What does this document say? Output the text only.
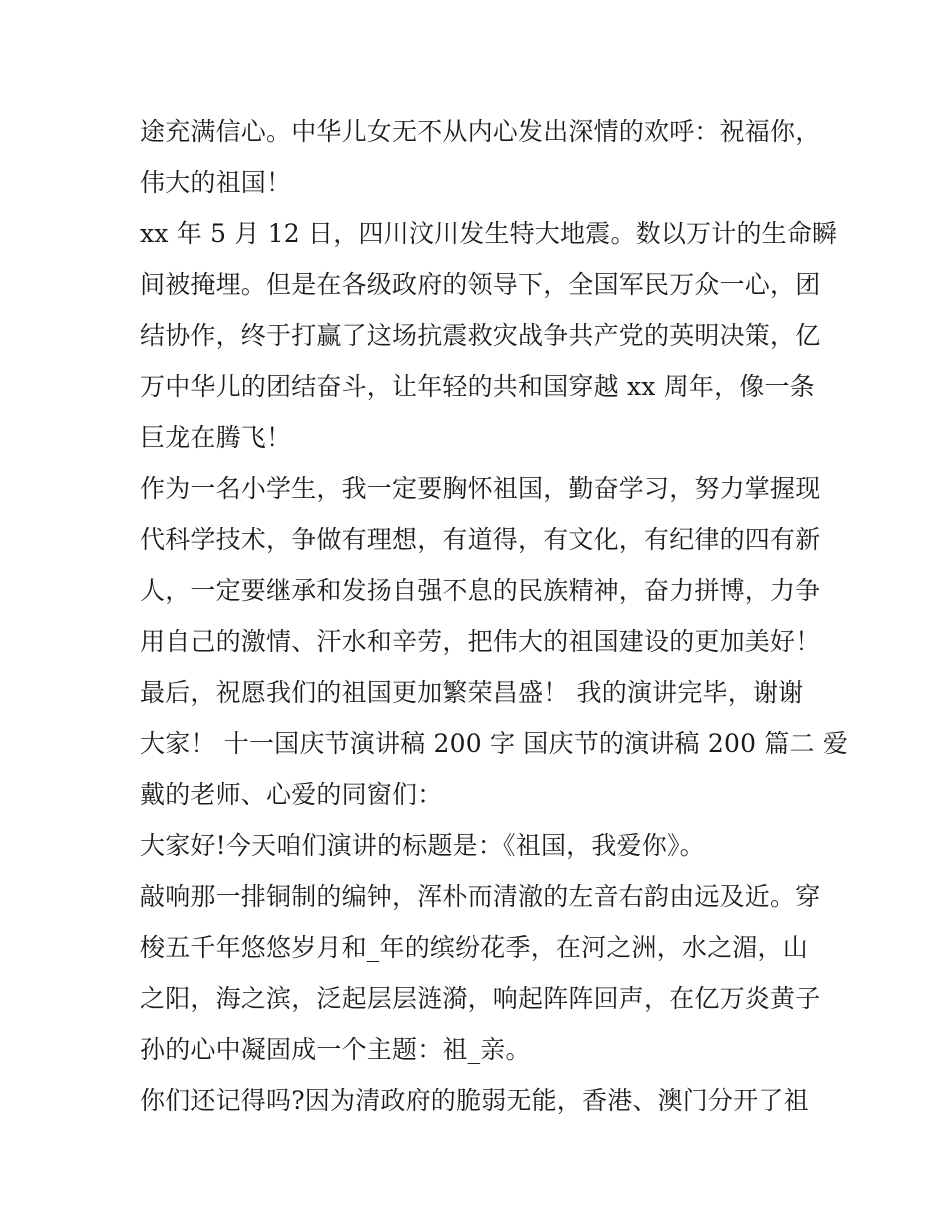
途充满信心。中华儿女无不从内心发出深情的欢呼：祝福你，
伟大的祖国！
xx 年 5 月 12 日，四川汶川发生特大地震。数以万计的生命瞬
间被掩埋。但是在各级政府的领导下，全国军民万众一心，团
结协作，终于打赢了这场抗震救灾战争共产党的英明决策，亿
万中华儿的团结奋斗，让年轻的共和国穿越 xx 周年，像一条
巨龙在腾飞！
作为一名小学生，我一定要胸怀祖国，勤奋学习，努力掌握现
代科学技术，争做有理想，有道得，有文化，有纪律的四有新
人，一定要继承和发扬自强不息的民族精神，奋力拼博，力争
用自己的激情、汗水和辛劳，把伟大的祖国建设的更加美好！
最后，祝愿我们的祖国更加繁荣昌盛！ 我的演讲完毕，谢谢
大家！ 十一国庆节演讲稿 200 字 国庆节的演讲稿 200 篇二 爱
戴的老师、心爱的同窗们：
大家好!今天咱们演讲的标题是：《祖国，我爱你》。
敲响那一排铜制的编钟，浑朴而清澈的左音右韵由远及近。穿
梭五千年悠悠岁月和_年的缤纷花季，在河之洲，水之湄，山
之阳，海之滨，泛起层层涟漪，响起阵阵回声，在亿万炎黄子
孙的心中凝固成一个主题：祖_亲。
你们还记得吗?因为清政府的脆弱无能，香港、澳门分开了祖
